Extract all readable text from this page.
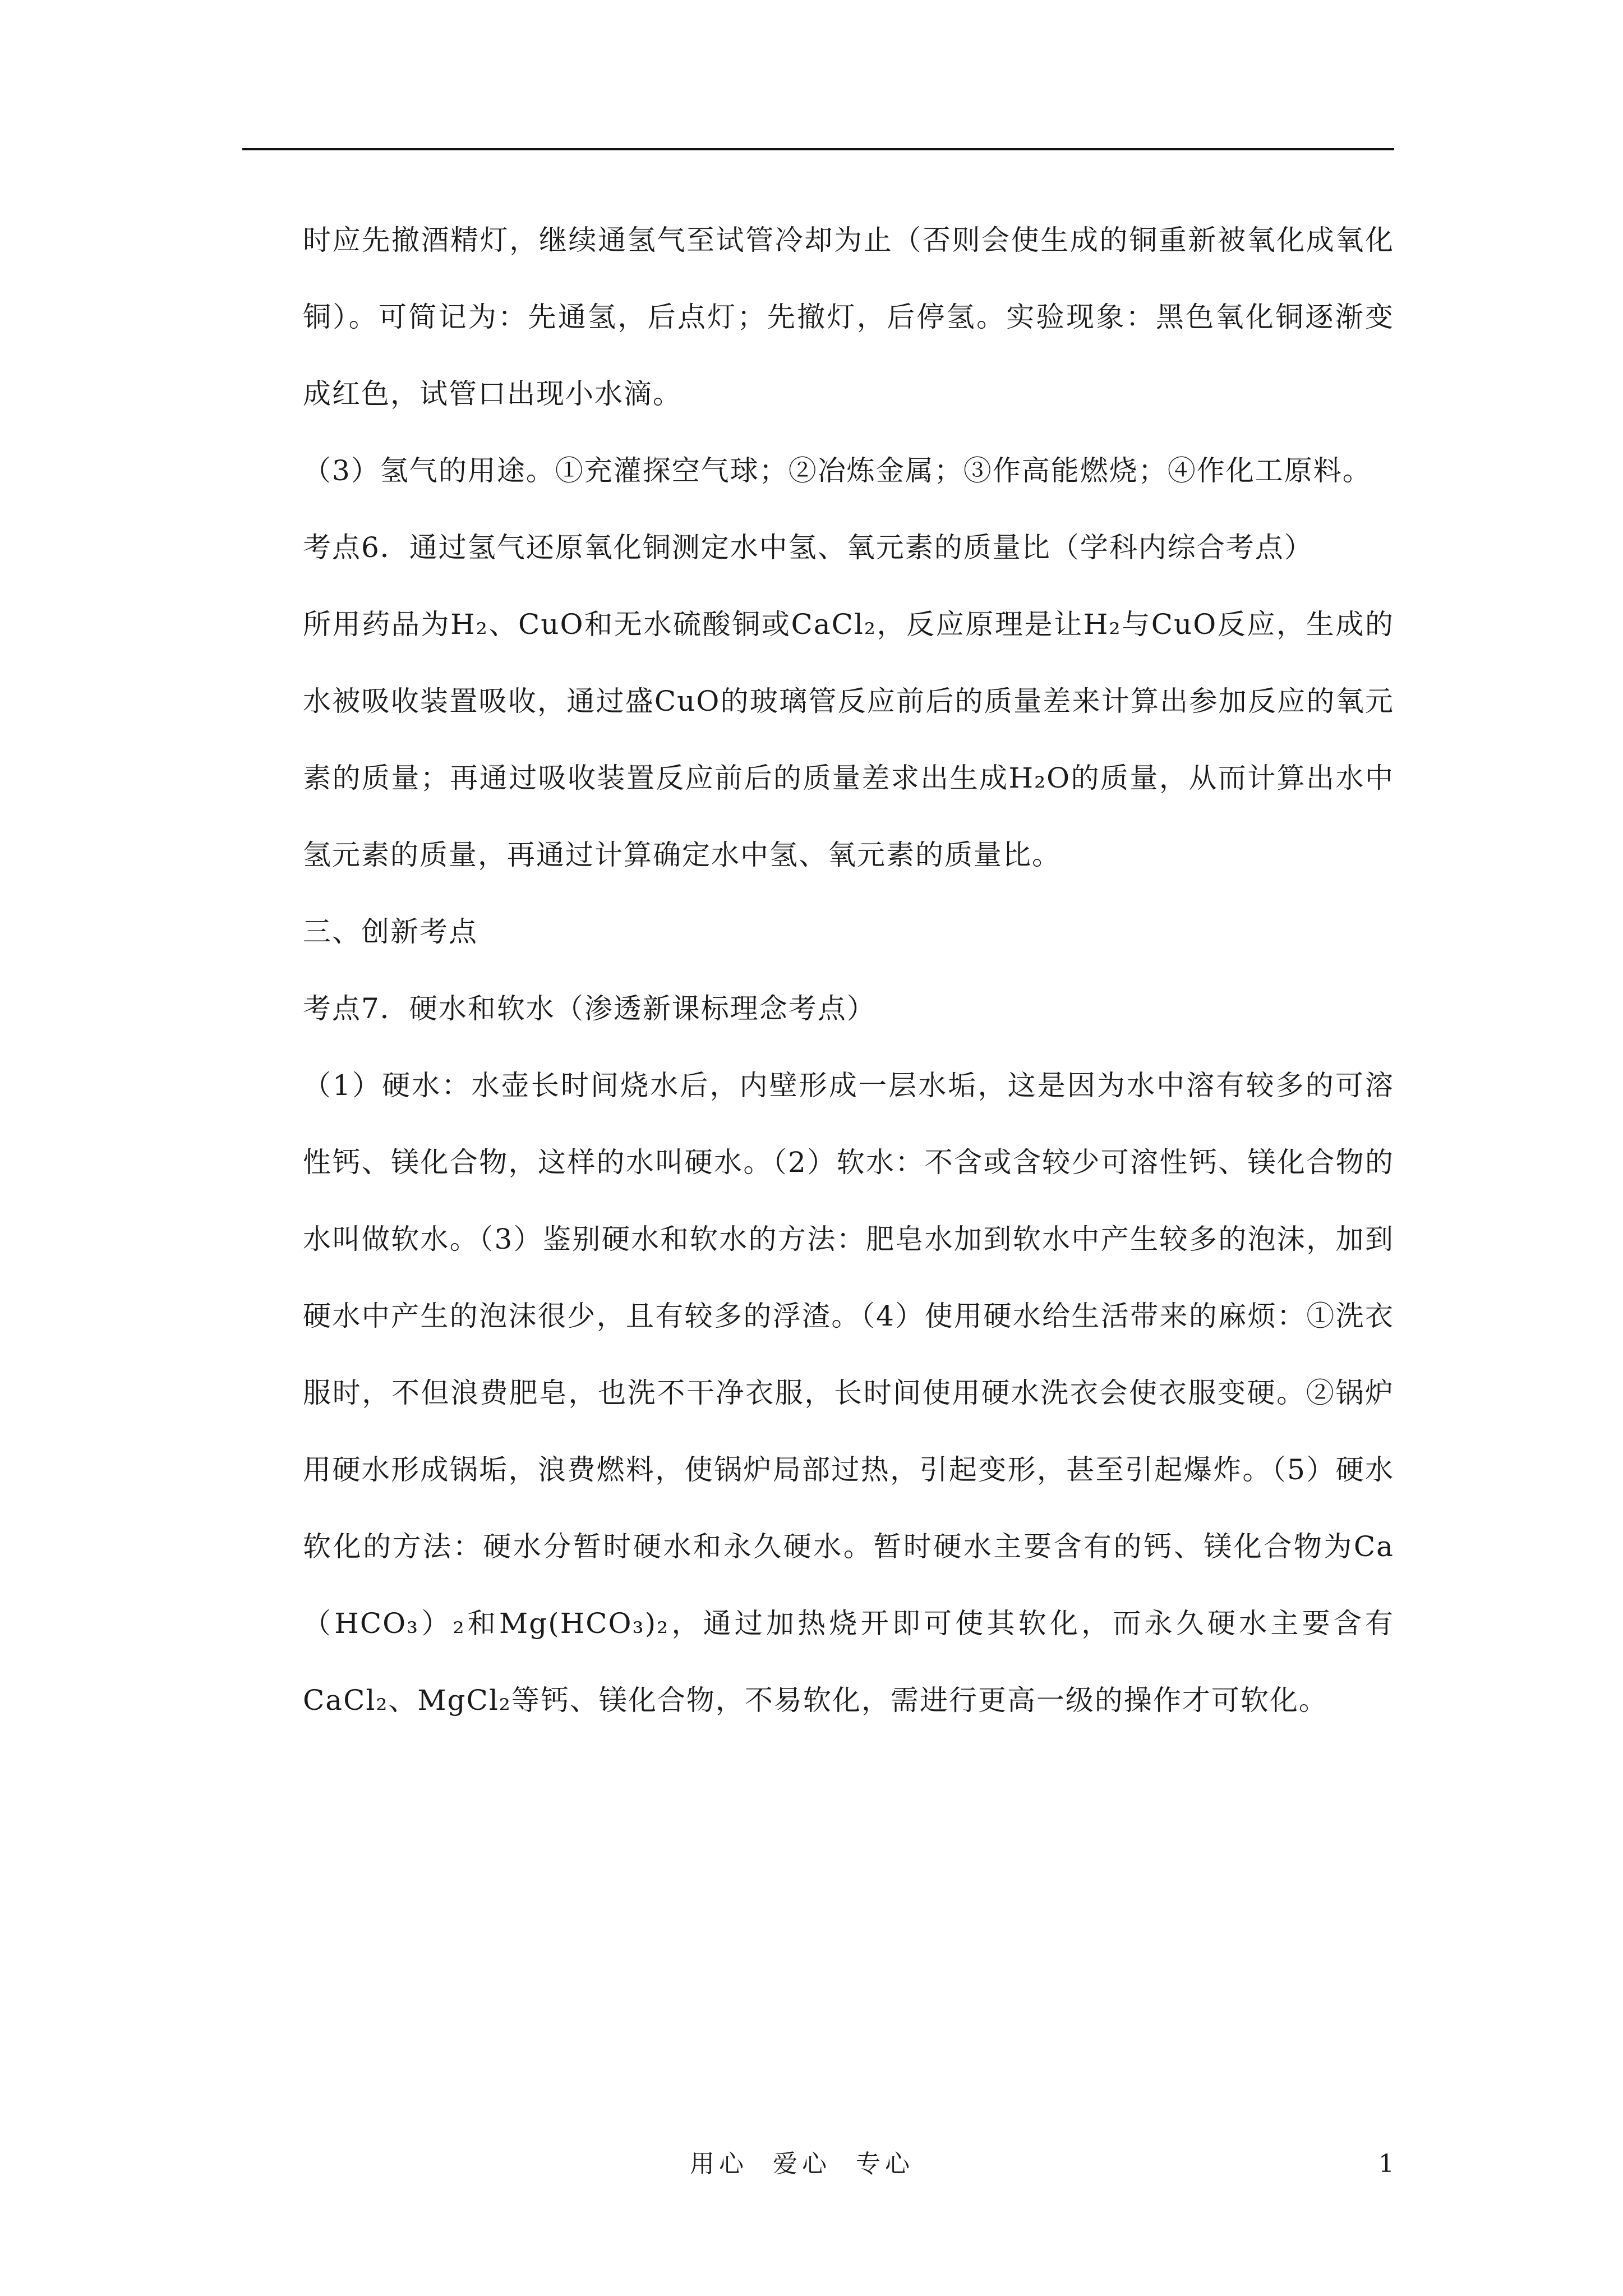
时应先撤酒精灯，继续通氢气至试管冷却为止（否则会使生成的铜重新被氧化成氧化铜）。可简记为：先通氢，后点灯；先撤灯，后停氢。实验现象：黑色氧化铜逐渐变成红色，试管口出现小水滴。

（3）氢气的用途。①充灌探空气球；②冶炼金属；③作高能燃烧；④作化工原料。

考点6．通过氢气还原氧化铜测定水中氢、氧元素的质量比（学科内综合考点）

所用药品为H₂、CuO和无水硫酸铜或CaCl₂，反应原理是让H₂与CuO反应，生成的水被吸收装置吸收，通过盛CuO的玻璃管反应前后的质量差来计算出参加反应的氧元素的质量；再通过吸收装置反应前后的质量差求出生成H₂O的质量，从而计算出水中氢元素的质量，再通过计算确定水中氢、氧元素的质量比。

三、创新考点

考点7．硬水和软水（渗透新课标理念考点）

（1）硬水：水壶长时间烧水后，内壁形成一层水垢，这是因为水中溶有较多的可溶性钙、镁化合物，这样的水叫硬水。（2）软水：不含或含较少可溶性钙、镁化合物的水叫做软水。（3）鉴别硬水和软水的方法：肥皂水加到软水中产生较多的泡沫，加到硬水中产生的泡沫很少，且有较多的浮渣。（4）使用硬水给生活带来的麻烦：①洗衣服时，不但浪费肥皂，也洗不干净衣服，长时间使用硬水洗衣会使衣服变硬。②锅炉用硬水形成锅垢，浪费燃料，使锅炉局部过热，引起变形，甚至引起爆炸。（5）硬水软化的方法：硬水分暂时硬水和永久硬水。暂时硬水主要含有的钙、镁化合物为Ca（HCO₃）₂和Mg(HCO₃)₂，通过加热烧开即可使其软化，而永久硬水主要含有CaCl₂、MgCl₂等钙、镁化合物，不易软化，需进行更高一级的操作才可软化。

用心  爱心  专心	1
